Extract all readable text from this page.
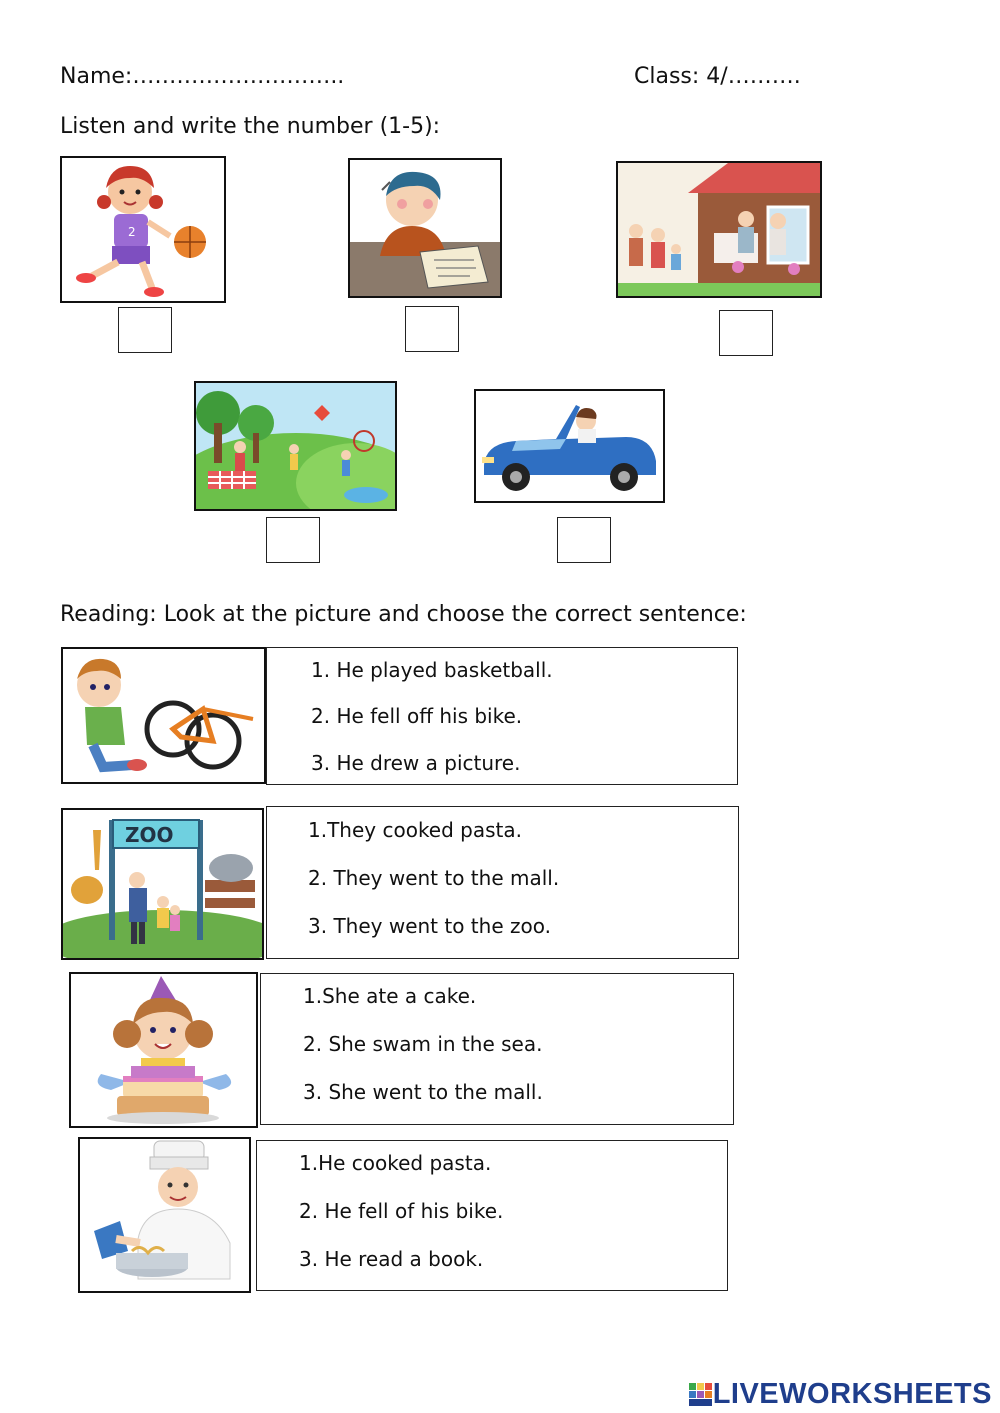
Name:………………………..	Class: 4/……….
Listen and write the number (1-5):
2
Reading: Look at the picture and choose the correct sentence:
1. He played basketball.
2. He fell off his bike.
3. He drew a picture.
ZOO	1.They cooked pasta.
2. They went to the mall.
3. They went to the zoo.
1.She ate a cake.
2. She swam in the sea.
3. She went to the mall.
1.He cooked pasta.
2. He fell of his bike.
3. He read a book.
LIVEWORKSHEETS
